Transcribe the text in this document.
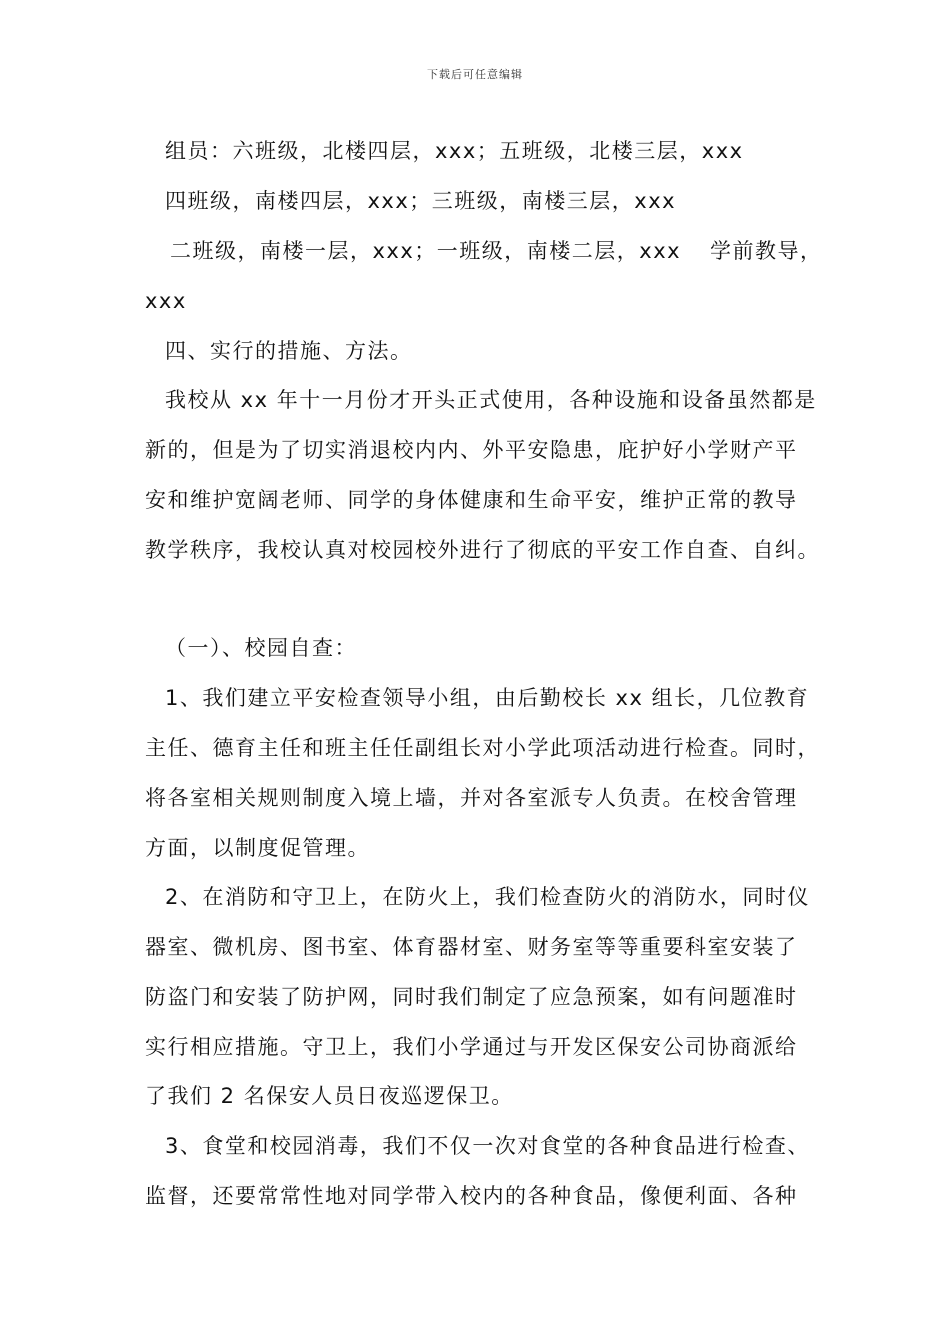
下载后可任意编辑
组员：六班级，北楼四层，xxx；五班级，北楼三层，xxx
四班级，南楼四层，xxx；三班级，南楼三层，xxx
二班级，南楼一层，xxx；一班级，南楼二层，xxx 学前教导，
xxx
四、实行的措施、方法。
我校从 xx 年十一月份才开头正式使用，各种设施和设备虽然都是
新的，但是为了切实消退校内内、外平安隐患，庇护好小学财产平
安和维护宽阔老师、同学的身体健康和生命平安，维护正常的教导
教学秩序，我校认真对校园校外进行了彻底的平安工作自查、自纠。
（一）、校园自查：
1、我们建立平安检查领导小组，由后勤校长 xx 组长，几位教育
主任、德育主任和班主任任副组长对小学此项活动进行检查。同时，
将各室相关规则制度入境上墙，并对各室派专人负责。在校舍管理
方面，以制度促管理。
2、在消防和守卫上，在防火上，我们检查防火的消防水，同时仪
器室、微机房、图书室、体育器材室、财务室等等重要科室安装了
防盗门和安装了防护网，同时我们制定了应急预案，如有问题准时
实行相应措施。守卫上，我们小学通过与开发区保安公司协商派给
了我们 2 名保安人员日夜巡逻保卫。
3、食堂和校园消毒，我们不仅一次对食堂的各种食品进行检查、
监督，还要常常性地对同学带入校内的各种食品，像便利面、各种
